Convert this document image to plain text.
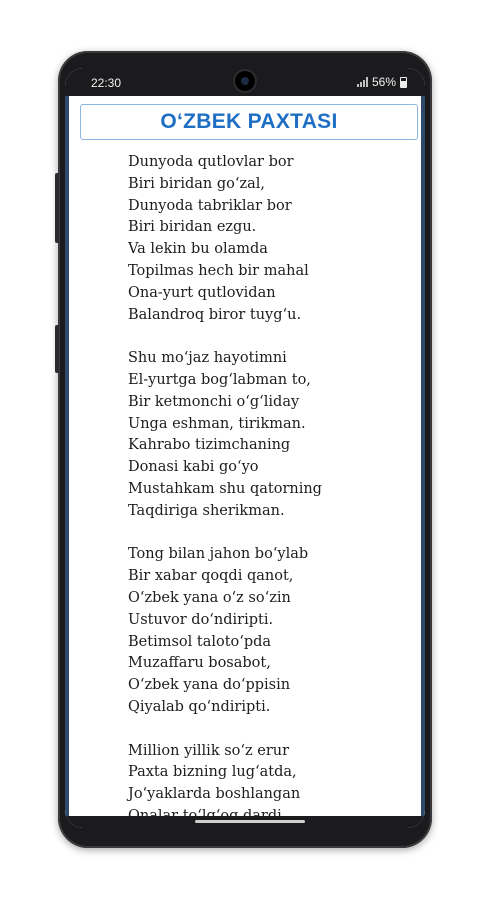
22:30	56%
O‘ZBEK PAXTASI
Dunyoda qutlovlar bor
Biri biridan go‘zal,
Dunyoda tabriklar bor
Biri biridan ezgu.
Va lekin bu olamda
Topilmas hech bir mahal
Ona-yurt qutlovidan
Balandroq biror tuyg‘u.
Shu mo‘jaz hayotimni
El-yurtga bog‘labman to,
Bir ketmonchi o‘g‘liday
Unga eshman, tirikman.
Kahrabo tizimchaning
Donasi kabi go‘yo
Mustahkam shu qatorning
Taqdiriga sherikman.
Tong bilan jahon bo‘ylab
Bir xabar qoqdi qanot,
O‘zbek yana o‘z so‘zin
Ustuvor do‘ndiripti.
Betimsol taloto‘pda
Muzaffaru bosabot,
O‘zbek yana do‘ppisin
Qiyalab qo‘ndiripti.
Million yillik so‘z erur
Paxta bizning lug‘atda,
Jo‘yaklarda boshlangan
